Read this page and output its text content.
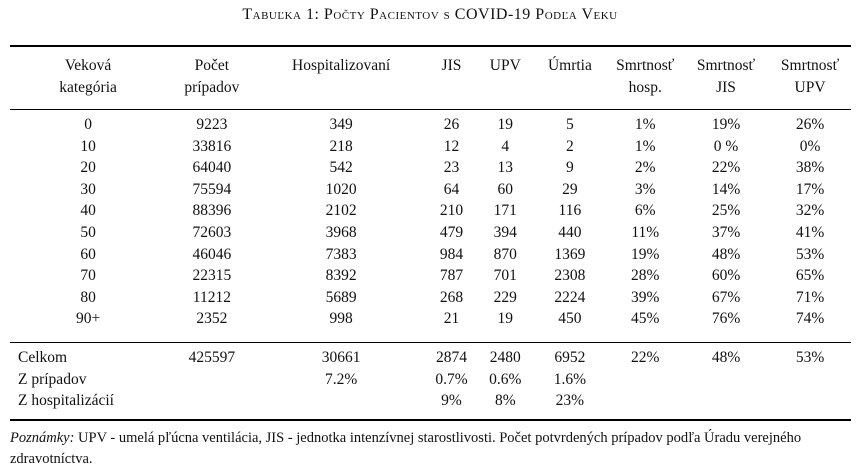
Tabuľka 1: Počty Pacientov s COVID-19 Podľa Veku
Veková	Počet	Hospitalizovaní	JIS	UPV	Úmrtia	Smrtnosť	Smrtnosť	Smrtnosť
kategória	prípadov					hosp.	JIS	UPV
0	9223	349	26	19	5	1%	19%	26%
10	33816	218	12	4	2	1%	0 %	0%
20	64040	542	23	13	9	2%	22%	38%
30	75594	1020	64	60	29	3%	14%	17%
40	88396	2102	210	171	116	6%	25%	32%
50	72603	3968	479	394	440	11%	37%	41%
60	46046	7383	984	870	1369	19%	48%	53%
70	22315	8392	787	701	2308	28%	60%	65%
80	11212	5689	268	229	2224	39%	67%	71%
90+	2352	998	21	19	450	45%	76%	74%
Celkom	425597	30661	2874	2480	6952	22%	48%	53%
Z prípadov		7.2%	0.7%	0.6%	1.6%			
Z hospitalizácií			9%	8%	23%			
Poznámky: UPV - umelá pľúcna ventilácia, JIS - jednotka intenzívnej starostlivosti. Počet potvrdených prípadov podľa Úradu verejného zdravotníctva.
